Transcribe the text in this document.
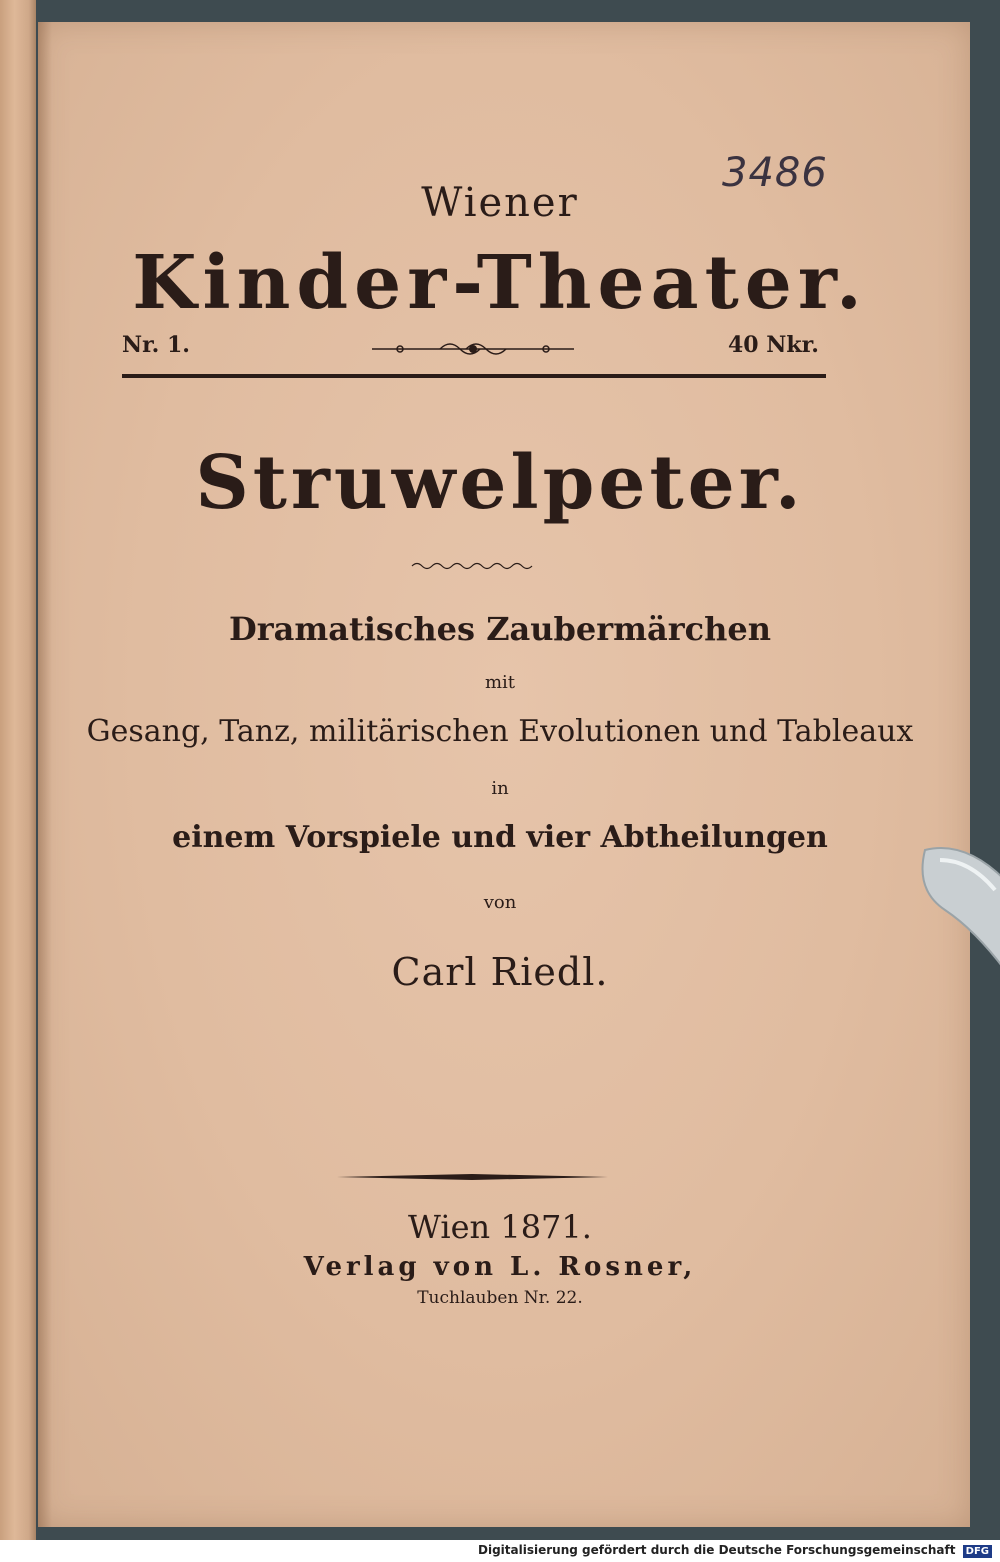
3486
Wiener
Kinder-Theater.
Nr. 1.	40 Nkr.
Struwelpeter.
Dramatisches Zaubermärchen
mit
Gesang, Tanz, militärischen Evolutionen und Tableaux
in
einem Vorspiele und vier Abtheilungen
von
Carl Riedl.
Wien 1871.
Verlag von L. Rosner,
Tuchlauben Nr. 22.
Digitalisierung gefördert durch die Deutsche Forschungsgemeinschaft DFG
